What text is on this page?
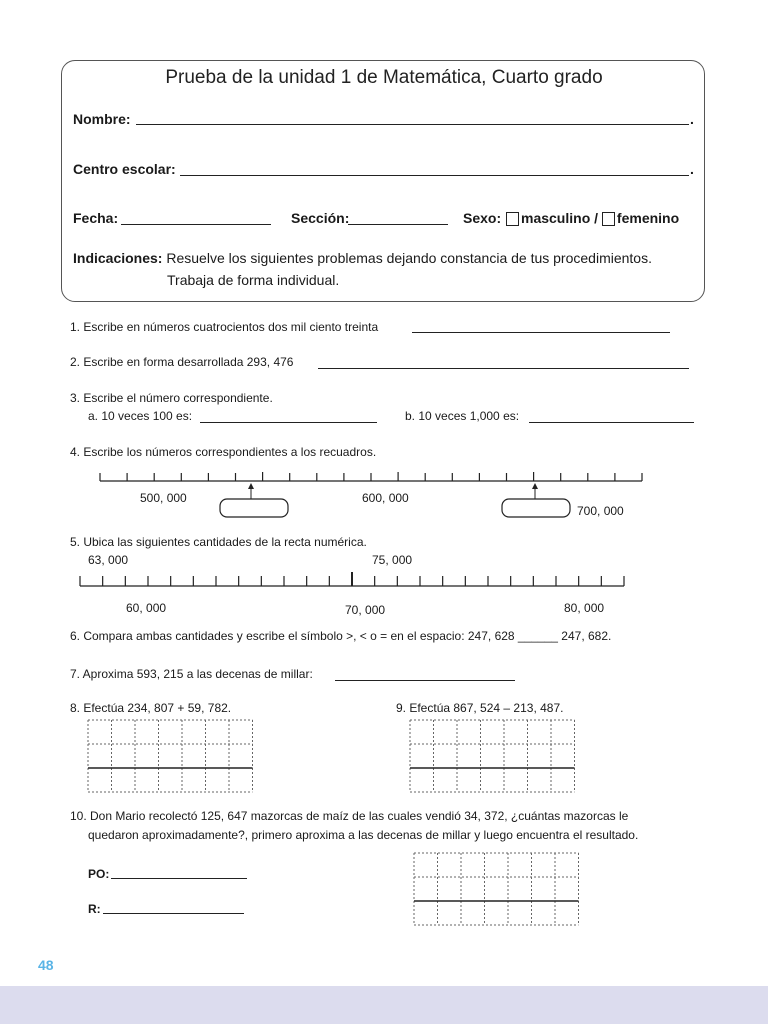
Prueba de la unidad 1 de Matemática, Cuarto grado
Nombre:	.
Centro escolar:	.
Fecha:	Sección:	Sexo:	masculino / femenino
Indicaciones: Resuelve los siguientes problemas dejando constancia de tus procedimientos.
Trabaja de forma individual.
1. Escribe en números cuatrocientos dos mil ciento treinta
2. Escribe en forma desarrollada 293, 476
3. Escribe el número correspondiente.
a. 10 veces 100 es:	b. 10 veces 1,000 es:
4. Escribe los números correspondientes a los recuadros.
500, 000	600, 000
700, 000
5. Ubica las siguientes cantidades de la recta numérica.
63, 000	75, 000
60, 000	70, 000	80, 000
6. Compara ambas cantidades y escribe el símbolo >, < o = en el espacio: 247, 628 ______ 247, 682.
7. Aproxima 593, 215 a las decenas de millar:
8. Efectúa 234, 807 + 59, 782.	9. Efectúa 867, 524 – 213, 487.
10. Don Mario recolectó 125, 647 mazorcas de maíz de las cuales vendió 34, 372, ¿cuántas mazorcas le
quedaron aproximadamente?, primero aproxima a las decenas de millar y luego encuentra el resultado.
PO:
R:
48
